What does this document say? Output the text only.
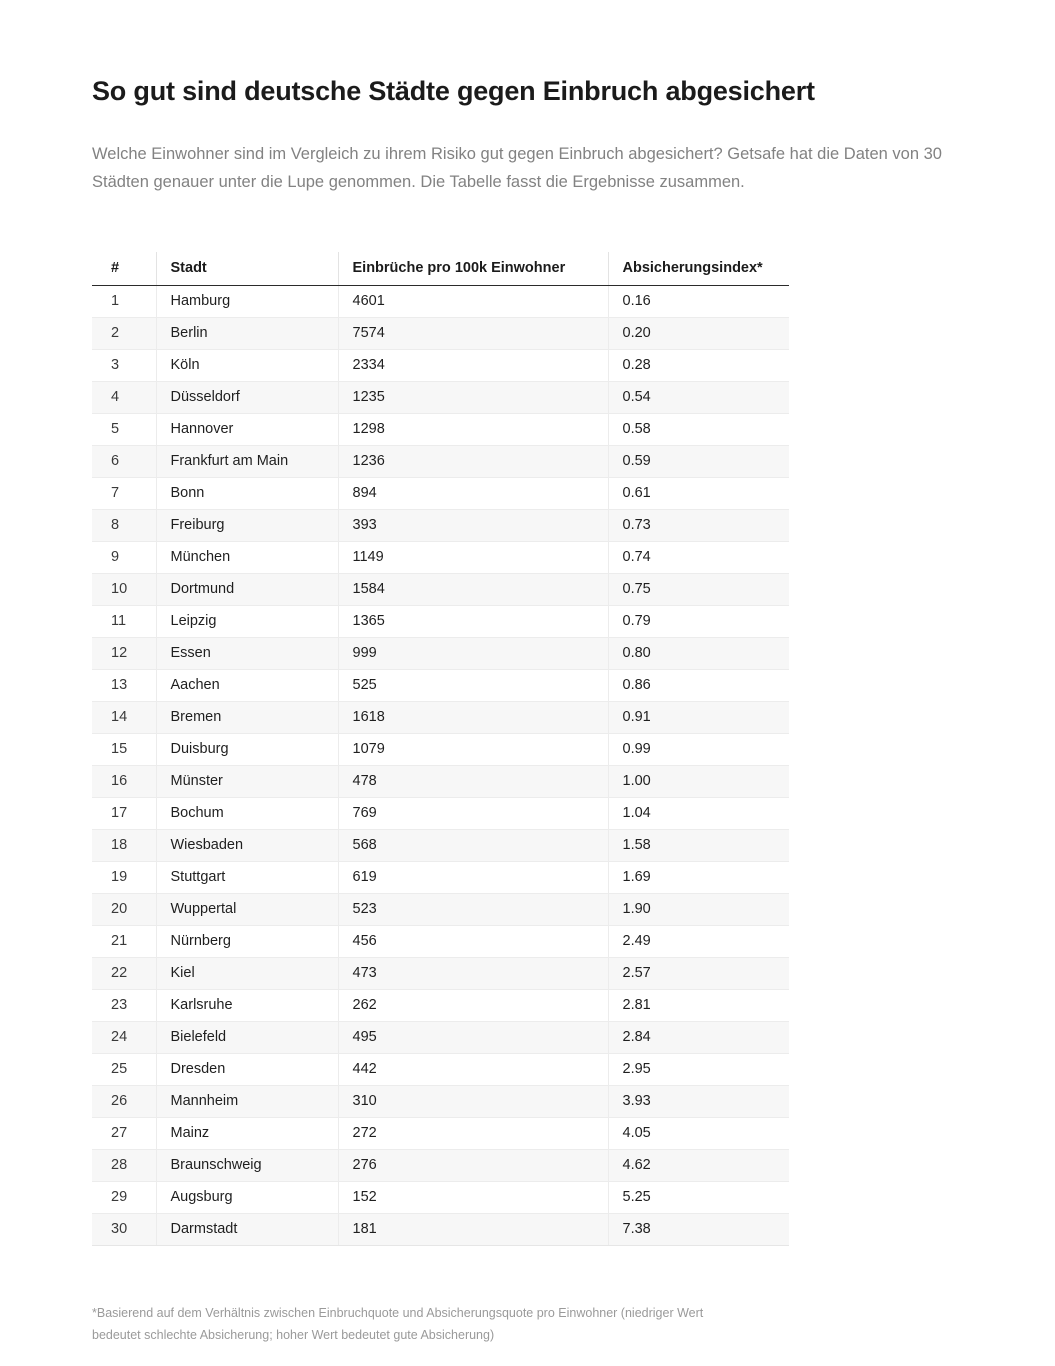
So gut sind deutsche Städte gegen Einbruch abgesichert

Welche Einwohner sind im Vergleich zu ihrem Risiko gut gegen Einbruch abgesichert? Getsafe hat die Daten von 30 Städten genauer unter die Lupe genommen. Die Tabelle fasst die Ergebnisse zusammen.

#	Stadt	Einbrüche pro 100k Einwohner	Absicherungsindex*
1	Hamburg	4601	0.16
2	Berlin	7574	0.20
3	Köln	2334	0.28
4	Düsseldorf	1235	0.54
5	Hannover	1298	0.58
6	Frankfurt am Main	1236	0.59
7	Bonn	894	0.61
8	Freiburg	393	0.73
9	München	1149	0.74
10	Dortmund	1584	0.75
11	Leipzig	1365	0.79
12	Essen	999	0.80
13	Aachen	525	0.86
14	Bremen	1618	0.91
15	Duisburg	1079	0.99
16	Münster	478	1.00
17	Bochum	769	1.04
18	Wiesbaden	568	1.58
19	Stuttgart	619	1.69
20	Wuppertal	523	1.90
21	Nürnberg	456	2.49
22	Kiel	473	2.57
23	Karlsruhe	262	2.81
24	Bielefeld	495	2.84
25	Dresden	442	2.95
26	Mannheim	310	3.93
27	Mainz	272	4.05
28	Braunschweig	276	4.62
29	Augsburg	152	5.25
30	Darmstadt	181	7.38

*Basierend auf dem Verhältnis zwischen Einbruchquote und Absicherungsquote pro Einwohner (niedriger Wert bedeutet schlechte Absicherung; hoher Wert bedeutet gute Absicherung)
